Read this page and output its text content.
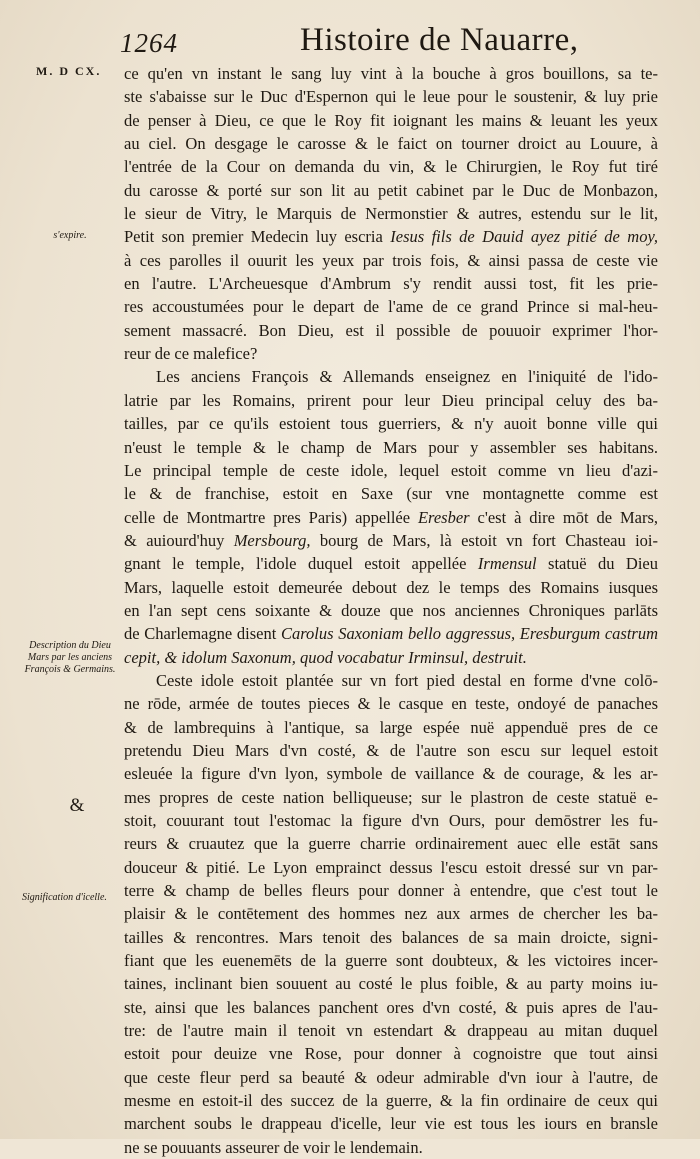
1264	Histoire de Nauarre,
M. D CX.
s'expire.
Description du Dieu Mars par les anciens François & Germains.
&
Signification d'icelle.
ce qu'en vn instant le sang luy vint à la bouche à gros bouillons, sa te-
ste s'abaisse sur le Duc d'Espernon qui le leue pour le soustenir, & luy prie
de penser à Dieu, ce que le Roy fit ioignant les mains & leuant les yeux
au ciel. On desgage le carosse & le faict on tourner droict au Louure, à
l'entrée de la Cour on demanda du vin, & le Chirurgien, le Roy fut tiré
du carosse & porté sur son lit au petit cabinet par le Duc de Monbazon,
le sieur de Vitry, le Marquis de Nermonstier & autres, estendu sur le lit,
Petit son premier Medecin luy escria Iesus fils de Dauid ayez pitié de moy,
à ces parolles il ouurit les yeux par trois fois, & ainsi passa de ceste vie
en l'autre. L'Archeuesque d'Ambrum s'y rendit aussi tost, fit les prie-
res accoustumées pour le depart de l'ame de ce grand Prince si mal-heu-
sement massacré. Bon Dieu, est il possible de pouuoir exprimer l'hor-
reur de ce malefice?
Les anciens François & Allemands enseignez en l'iniquité de l'ido-
latrie par les Romains, prirent pour leur Dieu principal celuy des ba-
tailles, par ce qu'ils estoient tous guerriers, & n'y auoit bonne ville qui
n'eust le temple & le champ de Mars pour y assembler ses habitans.
Le principal temple de ceste idole, lequel estoit comme vn lieu d'azi-
le & de franchise, estoit en Saxe (sur vne montagnette comme est
celle de Montmartre pres Paris) appellée Eresber c'est à dire mōt de Mars,
& auiourd'huy Mersbourg, bourg de Mars, là estoit vn fort Chasteau ioi-
gnant le temple, l'idole duquel estoit appellée Irmensul statuë du Dieu
Mars, laquelle estoit demeurée debout dez le temps des Romains iusques
en l'an sept cens soixante & douze que nos anciennes Chroniques parlāts
de Charlemagne disent Carolus Saxoniam bello aggressus, Eresburgum castrum
cepit, & idolum Saxonum, quod vocabatur Irminsul, destruit.
Ceste idole estoit plantée sur vn fort pied destal en forme d'vne colō-
ne rōde, armée de toutes pieces & le casque en teste, ondoyé de panaches
& de lambrequins à l'antique, sa large espée nuë appenduë pres de ce
pretendu Dieu Mars d'vn costé, & de l'autre son escu sur lequel estoit
esleuée la figure d'vn lyon, symbole de vaillance & de courage, & les ar-
mes propres de ceste nation belliqueuse; sur le plastron de ceste statuë e-
stoit, couurant tout l'estomac la figure d'vn Ours, pour demōstrer les fu-
reurs & cruautez que la guerre charrie ordinairement auec elle estāt sans
douceur & pitié. Le Lyon emprainct dessus l'escu estoit dressé sur vn par-
terre & champ de belles fleurs pour donner à entendre, que c'est tout le
plaisir & le contētement des hommes nez aux armes de chercher les ba-
tailles & rencontres. Mars tenoit des balances de sa main droicte, signi-
fiant que les euenemēts de la guerre sont doubteux, & les victoires incer-
taines, inclinant bien souuent au costé le plus foible, & au party moins iu-
ste, ainsi que les balances panchent ores d'vn costé, & puis apres de l'au-
tre: de l'autre main il tenoit vn estendart & drappeau au mitan duquel
estoit pour deuize vne Rose, pour donner à cognoistre que tout ainsi
que ceste fleur perd sa beauté & odeur admirable d'vn iour à l'autre, de
mesme en estoit-il des succez de la guerre, & la fin ordinaire de ceux qui
marchent soubs le drappeau d'icelle, leur vie est tous les iours en bransle
ne se pouuants asseurer de voir le lendemain.
